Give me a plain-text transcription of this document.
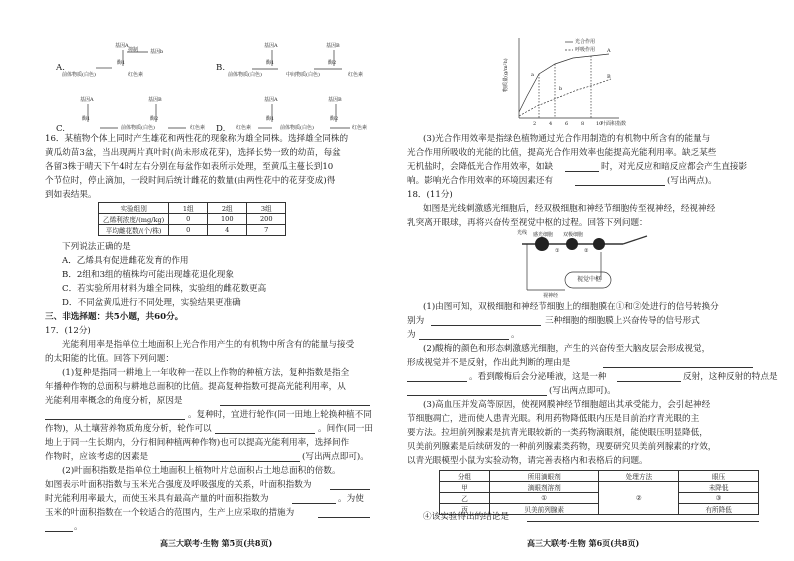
A.
基因A
基因b
抑制
酶1
前体物质(白色)	红色素
B.
基因A	基因B
酶1	酶2
前体物质(白色)	中间物质(白色)	红色素
C.
基因A	基因B
酶1	酶2
前体物质(白色)	红色素 D.
基因A	基因B
酶1	酶2
红色素	前体物质(白色)	红色素
16．某植物个体上同时产生雄花和两性花的现象称为雄全同株。选择雄全同株的
黄瓜幼苗3盆，当出现两片真叶时(尚未形成花芽)，选择长势一致的幼苗，每盆
各留3株于晴天下午4时左右分别在每盆作如表所示处理，至黄瓜主蔓长到10
个节位时，停止滴加，一段时间后统计雌花的数量(由两性花中的花芽变成)得
到如表结果。
实验组别	1组	2组	3组
乙烯利浓度/(mg/kg)	0	100	200
平均雌花数/(个/株)	0	4	7
下列说法正确的是
A．乙烯具有促进雌花发育的作用
B．2组和3组的植株均可能出现雄花退化现象
C．若实验所用材料为雄全同株，实验组的雌花数更高
D．不同盆黄瓜进行不同处理，实验结果更准确
三、非选择题：共5小题，共60分。
17．(12分)
光能利用率是指单位土地面积上光合作用产生的有机物中所含有的能量与接受
的太阳能的比值。回答下列问题：
(1)复种是指同一耕地上一年收种一茬以上作物的种植方法，复种指数是指全
年播种作物的总面积与耕地总面积的比值。提高复种指数可提高光能利用率，从
光能利用率概念的角度分析，原因是
。复种时，宜进行轮作(同一田地上轮换种植不同
作物)，从土壤营养物质角度分析，轮作可以	。间作(同一田
地上于同一生长期内，分行相间种植两种作物)也可以提高光能利用率，选择间作
作物时，应该考虑的因素是	(写出两点即可)。
(2)叶面积指数是指单位土地面积上植物叶片总面积占土地总面积的倍数。
如图表示叶面积指数与玉米光合强度及呼吸强度的关系，叶面积指数为
时光能利用率最大，而使玉米具有最高产量的叶面积指数为	。为使
玉米的叶面积指数在一个较适合的范围内，生产上应采取的措施为
。
高三大联考·生物 第5页(共8页)
物质量(g/m²h)
光合作用
呼吸作用
2	4	6	8 10
叶面积指数
A
B
a
b
(3)光合作用效率是指绿色植物通过光合作用制造的有机物中所含有的能量与
光合作用所吸收的光能的比值，提高光合作用效率也能提高光能利用率。缺乏某些
无机盐时，会降低光合作用效率，如缺	时，对光反应和暗反应都会产生直接影
响。影响光合作用效率的环境因素还有	(写出两点)。
18．(11分)
如图是光线刺激感光细胞后，经双极细胞和神经节细胞传至视神经，经视神经
乳突离开眼球，再将兴奋传至视觉中枢的过程。回答下列问题：
光线 感光细胞 双极细胞
视觉中枢
视神经
①	②
(1)由图可知，双极细胞和神经节细胞上的细胞膜在①和②处进行的信号转换分
别为	三种细胞的细胞膜上兴奋传导的信号形式
为	。
(2)酸梅的颜色和形态刺激感光细胞，产生的兴奋传至大脑皮层会形成视觉，
形成视觉并不是反射，作出此判断的理由是
。看到酸梅后会分泌唾液，这是一种	反射，这种反射的特点是
(写出两点即可)。
(3)高血压并发高等原因，使视网膜神经节细胞超出其承受能力，会引起神经
节细胞凋亡，进而使人患青光眼。利用药物降低眼内压是目前治疗青光眼的主
要方法。拉坦前列腺素是抗青光眼较新的一类药物滴眼剂，能使眼压明显降低，
贝美前列腺素是后续研发的一种前列腺素类药物，现要研究贝美前列腺素的疗效，
以青光眼模型小鼠为实验动物，请完善表格内和表格后的问题。
分组	所用滴眼剂	处理方法	眼压
甲	滴眼剂溶剂	②	未降低
乙	①		③
丙	贝美前列腺素		有所降低
④该实验得出的结论是
高三大联考·生物 第6页(共8页)
